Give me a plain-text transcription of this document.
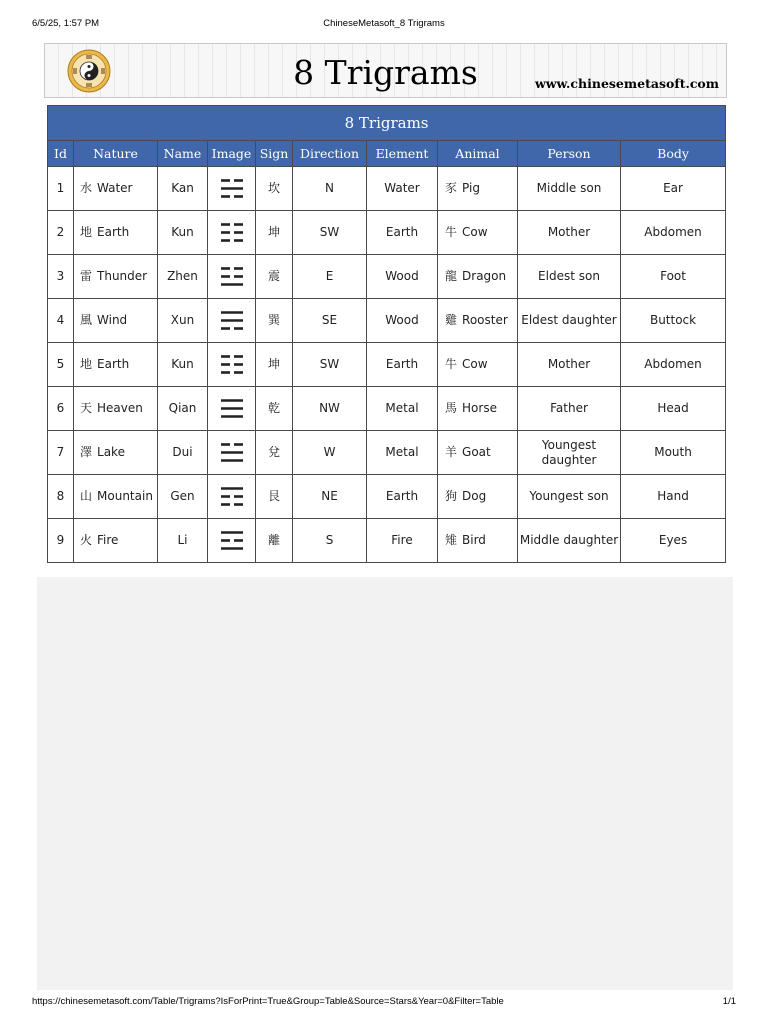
6/5/25, 1:57 PM	ChineseMetasoft_8 Trigrams
8 Trigrams	www.chinesemetasoft.com
8 Trigrams									
Id	Nature	Name	Image	Sign	Direction	Element	Animal	Person	Body
1	水 Water	Kan		坎	N	Water	豕 Pig	Middle son	Ear
2	地 Earth	Kun		坤	SW	Earth	牛 Cow	Mother	Abdomen
3	雷 Thunder	Zhen		震	E	Wood	龍 Dragon	Eldest son	Foot
4	風 Wind	Xun		巽	SE	Wood	雞 Rooster	Eldest daughter	Buttock
5	地 Earth	Kun		坤	SW	Earth	牛 Cow	Mother	Abdomen
6	天 Heaven	Qian		乾	NW	Metal	馬 Horse	Father	Head
7	澤 Lake	Dui		兌	W	Metal	羊 Goat	Youngest daughter	Mouth
8	山 Mountain	Gen		艮	NE	Earth	狗 Dog	Youngest son	Hand
9	火 Fire	Li		離	S	Fire	雉 Bird	Middle daughter	Eyes
https://chinesemetasoft.com/Table/Trigrams?IsForPrint=True&Group=Table&Source=Stars&Year=0&Filter=Table	1/1
